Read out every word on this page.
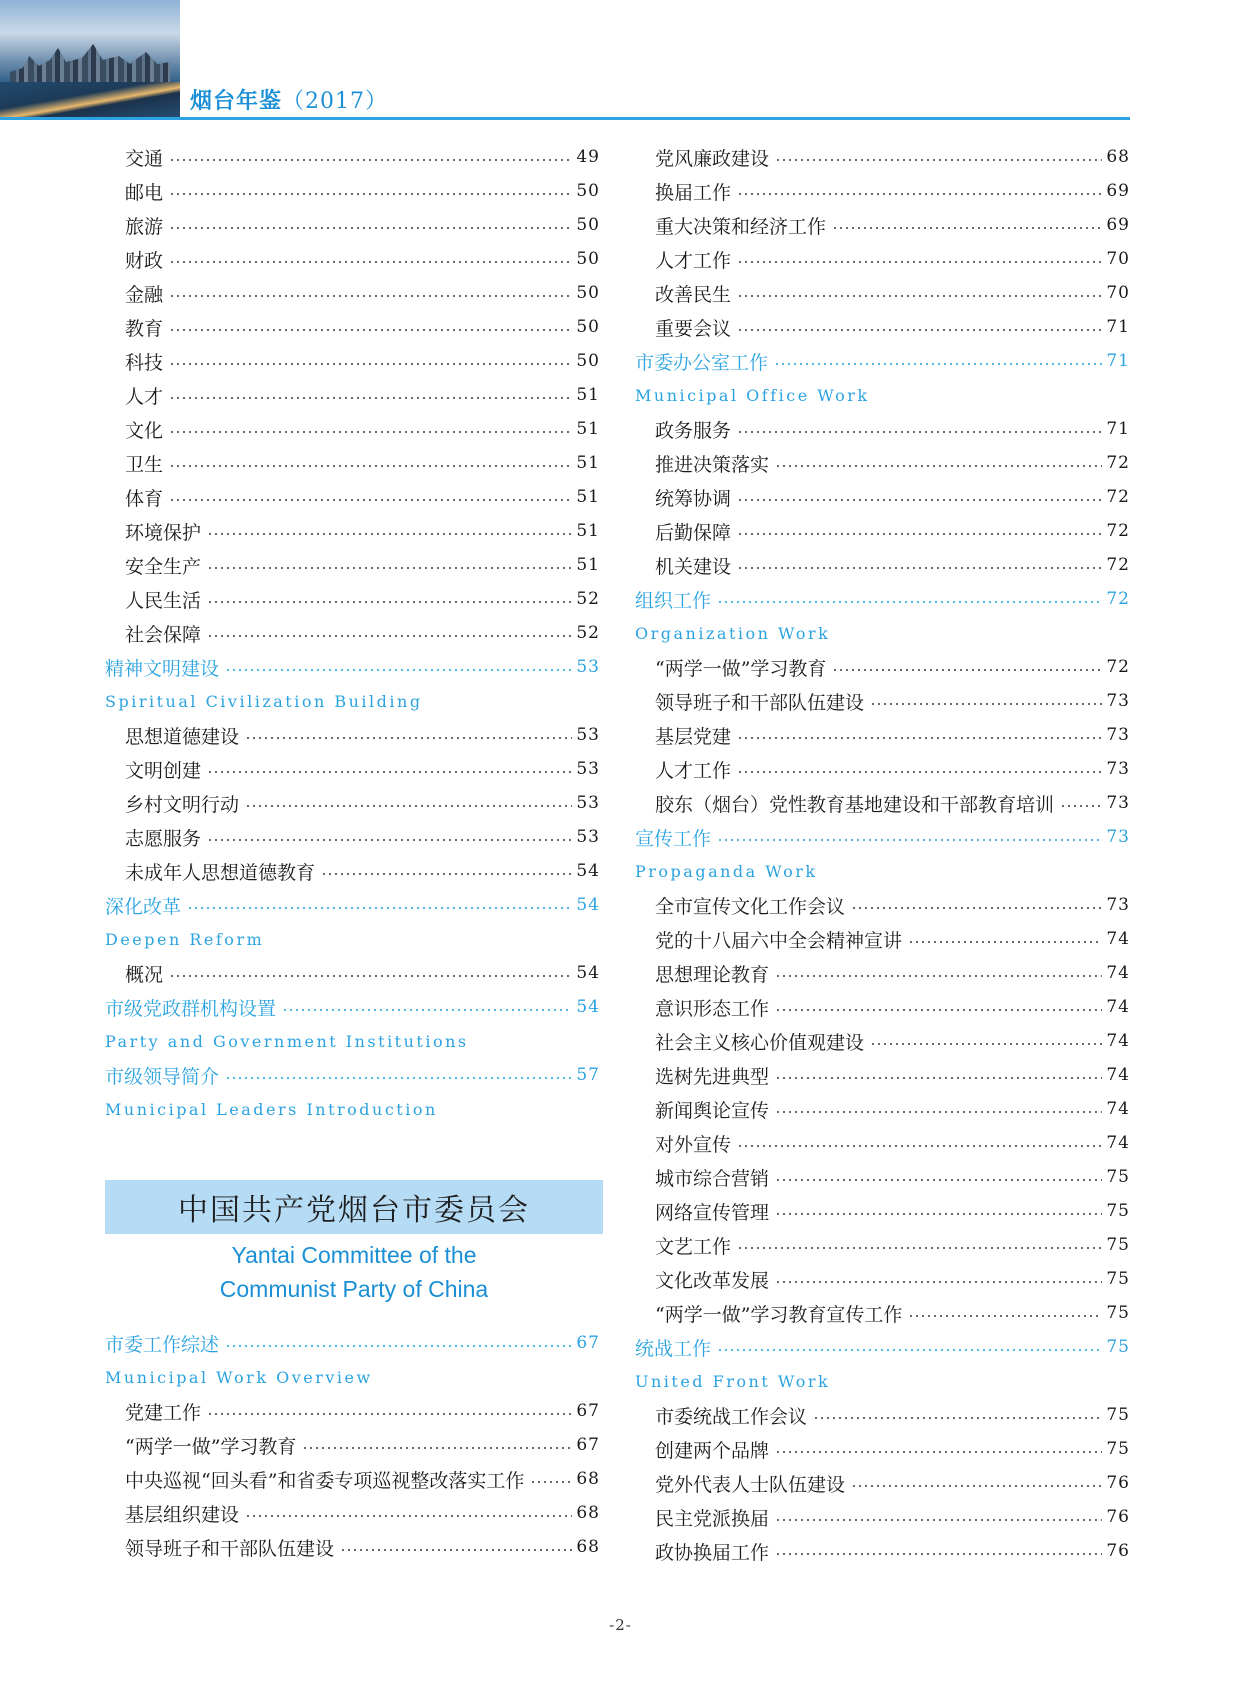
烟台年鉴（2017）
交通	49
邮电	50
旅游	50
财政	50
金融	50
教育	50
科技	50
人才	51
文化	51
卫生	51
体育	51
环境保护	51
安全生产	51
人民生活	52
社会保障	52
精神文明建设	53
Spiritual Civilization Building
思想道德建设	53
文明创建	53
乡村文明行动	53
志愿服务	53
未成年人思想道德教育	54
深化改革	54
Deepen Reform
概况	54
市级党政群机构设置	54
Party and Government Institutions
市级领导简介	57
Municipal Leaders Introduction
中国共产党烟台市委员会
Yantai Committee of the
Communist Party of China
市委工作综述	67
Municipal Work Overview
党建工作	67
“两学一做”学习教育	67
中央巡视“回头看”和省委专项巡视整改落实工作	68
基层组织建设	68
领导班子和干部队伍建设	68
党风廉政建设	68
换届工作	69
重大决策和经济工作	69
人才工作	70
改善民生	70
重要会议	71
市委办公室工作	71
Municipal Office Work
政务服务	71
推进决策落实	72
统筹协调	72
后勤保障	72
机关建设	72
组织工作	72
Organization Work
“两学一做”学习教育	72
领导班子和干部队伍建设	73
基层党建	73
人才工作	73
胶东（烟台）党性教育基地建设和干部教育培训	73
宣传工作	73
Propaganda Work
全市宣传文化工作会议	73
党的十八届六中全会精神宣讲	74
思想理论教育	74
意识形态工作	74
社会主义核心价值观建设	74
选树先进典型	74
新闻舆论宣传	74
对外宣传	74
城市综合营销	75
网络宣传管理	75
文艺工作	75
文化改革发展	75
“两学一做”学习教育宣传工作	75
统战工作	75
United Front Work
市委统战工作会议	75
创建两个品牌	75
党外代表人士队伍建设	76
民主党派换届	76
政协换届工作	76
-2-
